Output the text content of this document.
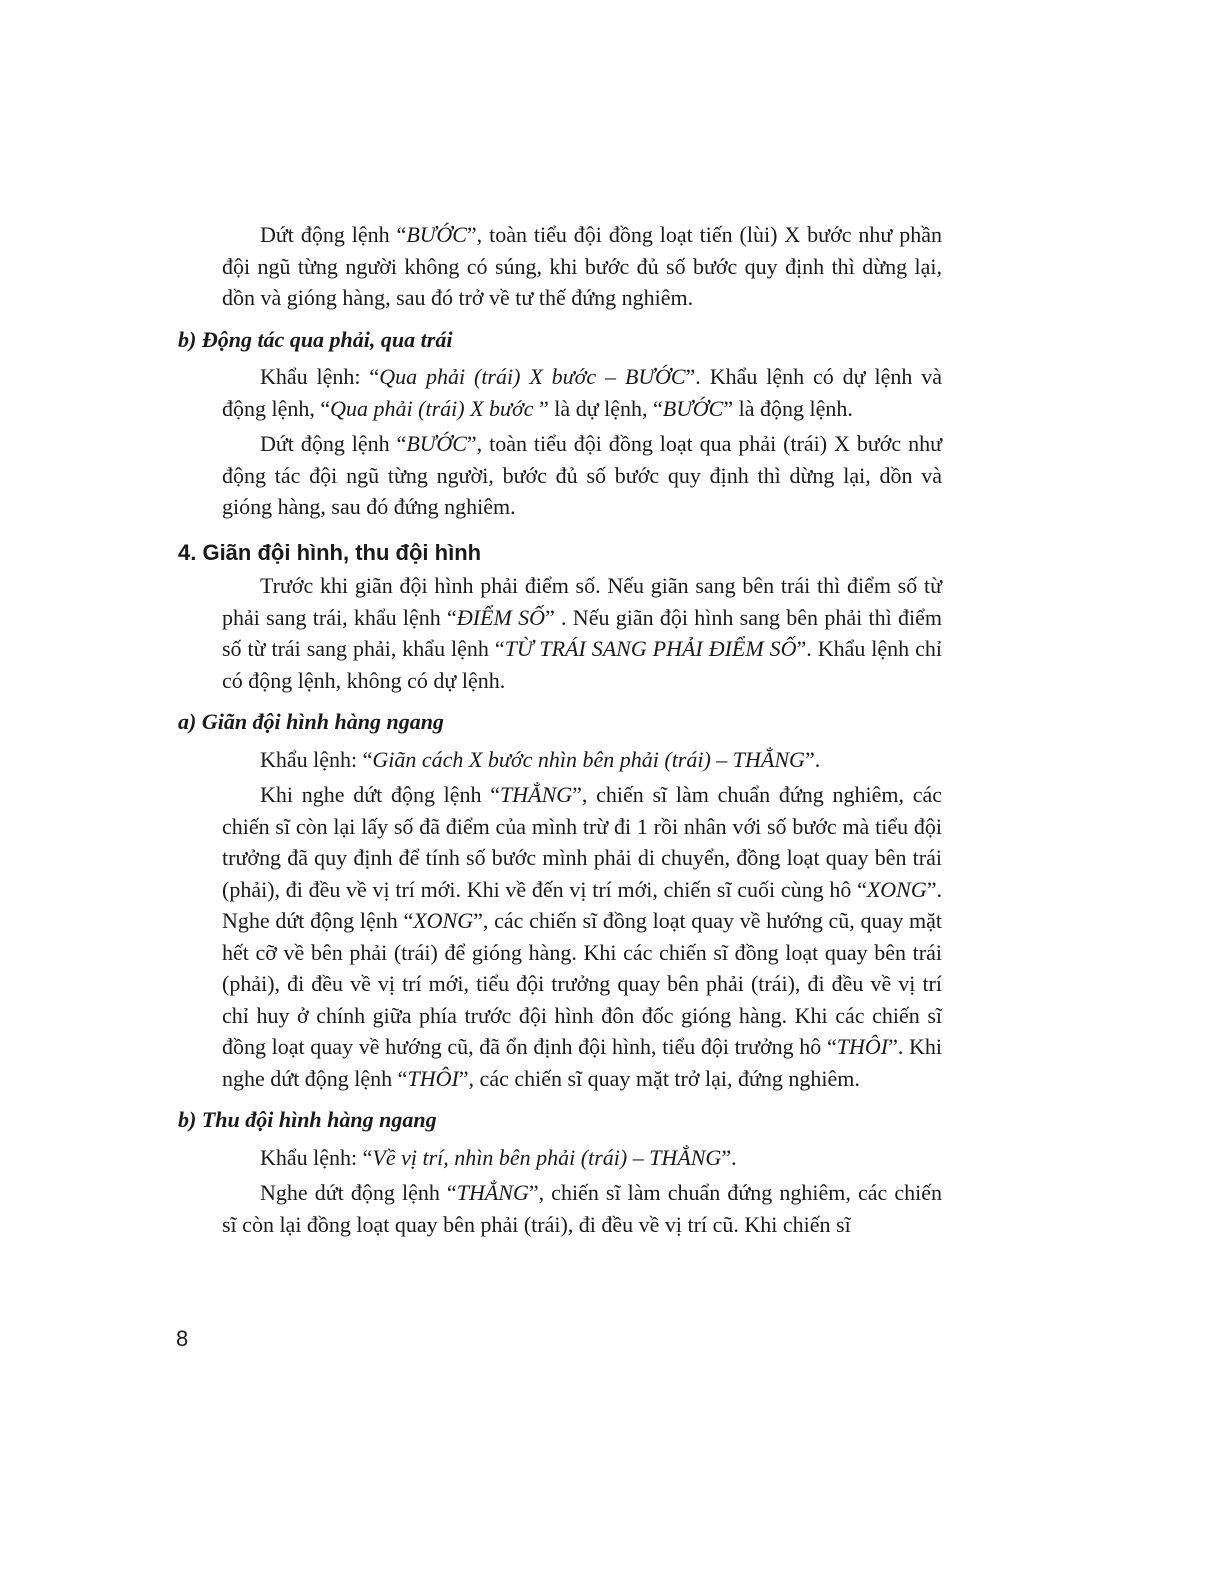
Dứt động lệnh “BƯỚC”, toàn tiểu đội đồng loạt tiến (lùi) X bước như phần đội ngũ từng người không có súng, khi bước đủ số bước quy định thì dừng lại, dồn và gióng hàng, sau đó trở về tư thế đứng nghiêm.

b) Động tác qua phải, qua trái

Khẩu lệnh: “Qua phải (trái) X bước – BƯỚC”. Khẩu lệnh có dự lệnh và động lệnh, “Qua phải (trái) X bước ” là dự lệnh, “BƯỚC” là động lệnh.

Dứt động lệnh “BƯỚC”, toàn tiểu đội đồng loạt qua phải (trái) X bước như động tác đội ngũ từng người, bước đủ số bước quy định thì dừng lại, dồn và gióng hàng, sau đó đứng nghiêm.

4. Giãn đội hình, thu đội hình

Trước khi giãn đội hình phải điểm số. Nếu giãn sang bên trái thì điểm số từ phải sang trái, khẩu lệnh “ĐIỂM SỐ” . Nếu giãn đội hình sang bên phải thì điểm số từ trái sang phải, khẩu lệnh “TỪ TRÁI SANG PHẢI ĐIỂM SỐ”. Khẩu lệnh chỉ có động lệnh, không có dự lệnh.

a) Giãn đội hình hàng ngang

Khẩu lệnh: “Giãn cách X bước nhìn bên phải (trái) – THẲNG”.

Khi nghe dứt động lệnh “THẲNG”, chiến sĩ làm chuẩn đứng nghiêm, các chiến sĩ còn lại lấy số đã điểm của mình trừ đi 1 rồi nhân với số bước mà tiểu đội trưởng đã quy định để tính số bước mình phải di chuyển, đồng loạt quay bên trái (phải), đi đều về vị trí mới. Khi về đến vị trí mới, chiến sĩ cuối cùng hô “XONG”. Nghe dứt động lệnh “XONG”, các chiến sĩ đồng loạt quay về hướng cũ, quay mặt hết cỡ về bên phải (trái) để gióng hàng. Khi các chiến sĩ đồng loạt quay bên trái (phải), đi đều về vị trí mới, tiểu đội trưởng quay bên phải (trái), đi đều về vị trí chỉ huy ở chính giữa phía trước đội hình đôn đốc gióng hàng. Khi các chiến sĩ đồng loạt quay về hướng cũ, đã ổn định đội hình, tiểu đội trưởng hô “THÔI”. Khi nghe dứt động lệnh “THÔI”, các chiến sĩ quay mặt trở lại, đứng nghiêm.

b) Thu đội hình hàng ngang

Khẩu lệnh: “Về vị trí, nhìn bên phải (trái) – THẲNG”.

Nghe dứt động lệnh “THẲNG”, chiến sĩ làm chuẩn đứng nghiêm, các chiến sĩ còn lại đồng loạt quay bên phải (trái), đi đều về vị trí cũ. Khi chiến sĩ

8
